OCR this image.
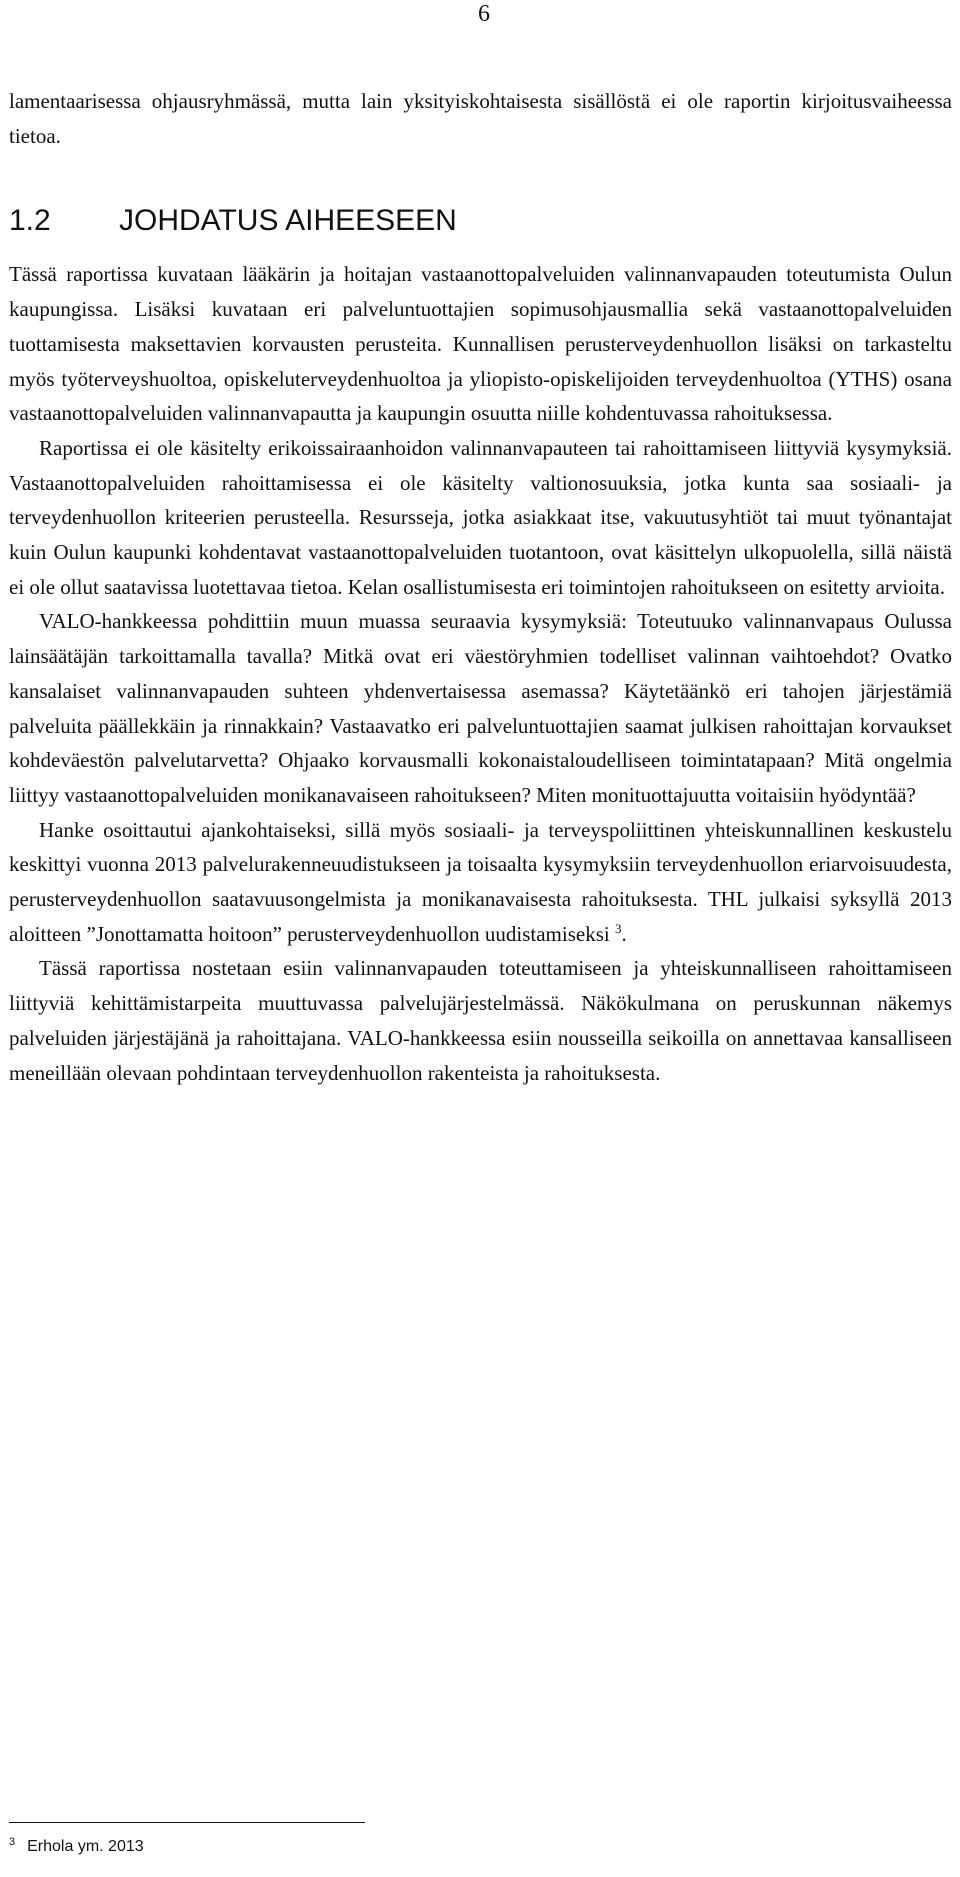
6

lamentaarisessa ohjausryhmässä, mutta lain yksityiskohtaisesta sisällöstä ei ole raportin kirjoitusvaiheessa tietoa.

1.2 JOHDATUS AIHEESEEN

Tässä raportissa kuvataan lääkärin ja hoitajan vastaanottopalveluiden valinnanvapauden toteutumista Oulun kaupungissa. Lisäksi kuvataan eri palveluntuottajien sopimusohjausmallia sekä vastaanottopalveluiden tuottamisesta maksettavien korvausten perusteita. Kunnallisen perusterveydenhuollon lisäksi on tarkasteltu myös työterveyshuoltoa, opiskeluterveydenhuoltoa ja yliopisto-opiskelijoiden terveydenhuoltoa (YTHS) osana vastaanottopalveluiden valinnanvapautta ja kaupungin osuutta niille kohdentuvassa rahoituksessa.

Raportissa ei ole käsitelty erikoissairaanhoidon valinnanvapauteen tai rahoittamiseen liittyviä kysymyksiä. Vastaanottopalveluiden rahoittamisessa ei ole käsitelty valtionosuuksia, jotka kunta saa sosiaali- ja terveydenhuollon kriteerien perusteella. Resursseja, jotka asiakkaat itse, vakuutusyhtiöt tai muut työnantajat kuin Oulun kaupunki kohdentavat vastaanottopalveluiden tuotantoon, ovat käsittelyn ulkopuolella, sillä näistä ei ole ollut saatavissa luotettavaa tietoa. Kelan osallistumisesta eri toimintojen rahoitukseen on esitetty arvioita.

VALO-hankkeessa pohdittiin muun muassa seuraavia kysymyksiä: Toteutuuko valinnanvapaus Oulussa lainsäätäjän tarkoittamalla tavalla? Mitkä ovat eri väestöryhmien todelliset valinnan vaihtoehdot? Ovatko kansalaiset valinnanvapauden suhteen yhdenvertaisessa asemassa? Käytetäänkö eri tahojen järjestämiä palveluita päällekkäin ja rinnakkain? Vastaavatko eri palveluntuottajien saamat julkisen rahoittajan korvaukset kohdeväestön palvelutarvetta? Ohjaako korvausmalli kokonaistaloudelliseen toimintatapaan? Mitä ongelmia liittyy vastaanottopalveluiden monikanavaiseen rahoitukseen? Miten monituottajuutta voitaisiin hyödyntää?

Hanke osoittautui ajankohtaiseksi, sillä myös sosiaali- ja terveyspoliittinen yhteiskunnallinen keskustelu keskittyi vuonna 2013 palvelurakenneuudistukseen ja toisaalta kysymyksiin terveydenhuollon eriarvoisuudesta, perusterveydenhuollon saatavuusongelmista ja monikanavaisesta rahoituksesta. THL julkaisi syksyllä 2013 aloitteen ”Jonottamatta hoitoon” perusterveydenhuollon uudistamiseksi $^3$.

Tässä raportissa nostetaan esiin valinnanvapauden toteuttamiseen ja yhteiskunnalliseen rahoittamiseen liittyviä kehittämistarpeita muuttuvassa palvelujärjestelmässä. Näkökulmana on peruskunnan näkemys palveluiden järjestäjänä ja rahoittajana. VALO-hankkeessa esiin nousseilla seikoilla on annettavaa kansalliseen meneillään olevaan pohdintaan terveydenhuollon rakenteista ja rahoituksesta.

$^3$ Erhola ym. 2013
